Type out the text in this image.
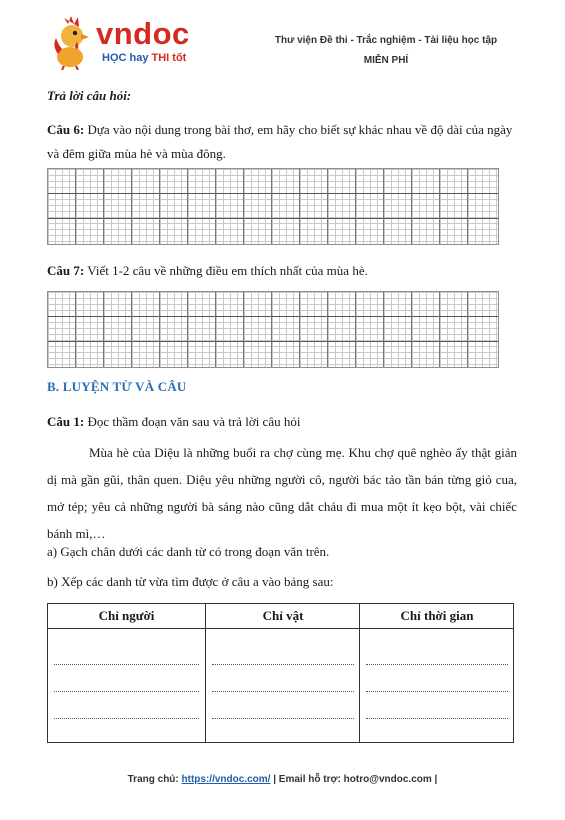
vndoc
HỌC hay THI tốt
Thư viện Đề thi - Trắc nghiệm - Tài liệu học tập
MIỄN PHÍ
Trả lời câu hỏi:
Câu 6: Dựa vào nội dung trong bài thơ, em hãy cho biết sự khác nhau về độ dài của ngày và đêm giữa mùa hè và mùa đông.
Câu 7: Viết 1-2 câu về những điều em thích nhất của mùa hè.
B. LUYỆN TỪ VÀ CÂU
Câu 1: Đọc thầm đoạn văn sau và trả lời câu hỏi
Mùa hè của Diệu là những buổi ra chợ cùng mẹ. Khu chợ quê nghèo ấy thật giản dị mà gần gũi, thân quen. Diệu yêu những người cô, người bác tảo tần bán từng giỏ cua, mớ tép; yêu cả những người bà sáng nào cũng dắt cháu đi mua một ít kẹo bột, vài chiếc bánh mì,…
a) Gạch chân dưới các danh từ có trong đoạn văn trên.
b) Xếp các danh từ vừa tìm được ở câu a vào bảng sau:
Chỉ người	Chỉ vật	Chỉ thời gian
Trang chủ: https://vndoc.com/ | Email hỗ trợ: hotro@vndoc.com |
